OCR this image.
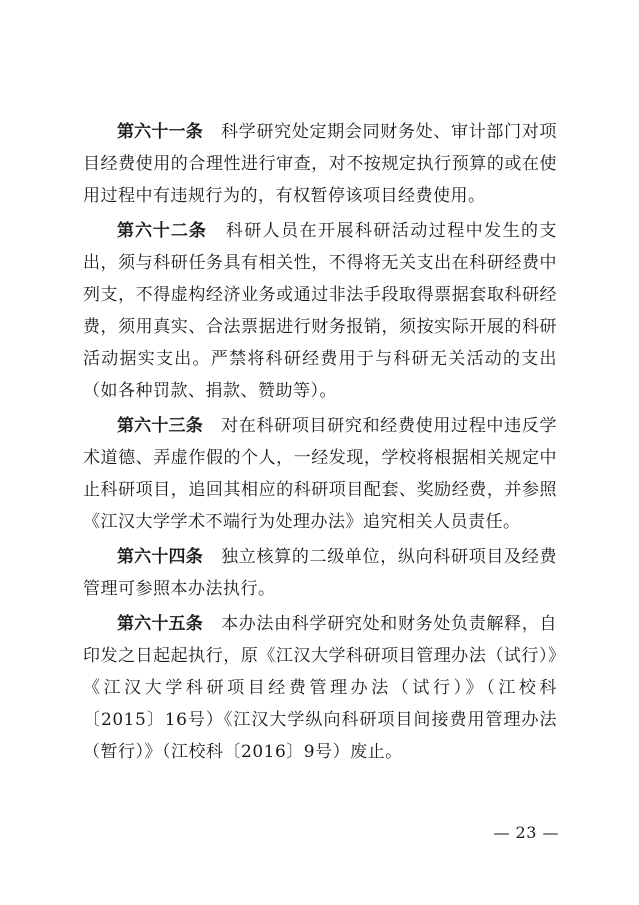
第六十一条 科学研究处定期会同财务处、审计部门对项目经费使用的合理性进行审查，对不按规定执行预算的或在使用过程中有违规行为的，有权暂停该项目经费使用。

第六十二条 科研人员在开展科研活动过程中发生的支出，须与科研任务具有相关性，不得将无关支出在科研经费中列支，不得虚构经济业务或通过非法手段取得票据套取科研经费，须用真实、合法票据进行财务报销，须按实际开展的科研活动据实支出。严禁将科研经费用于与科研无关活动的支出（如各种罚款、捐款、赞助等）。

第六十三条 对在科研项目研究和经费使用过程中违反学术道德、弄虚作假的个人，一经发现，学校将根据相关规定中止科研项目，追回其相应的科研项目配套、奖励经费，并参照《江汉大学学术不端行为处理办法》追究相关人员责任。

第六十四条 独立核算的二级单位，纵向科研项目及经费管理可参照本办法执行。

第六十五条 本办法由科学研究处和财务处负责解释，自印发之日起起执行，原《江汉大学科研项目管理办法（试行）》《江汉大学科研项目经费管理办法（试行）》（江校科〔2015〕16号）《江汉大学纵向科研项目间接费用管理办法（暂行）》（江校科〔2016〕9号）废止。

— 23 —
